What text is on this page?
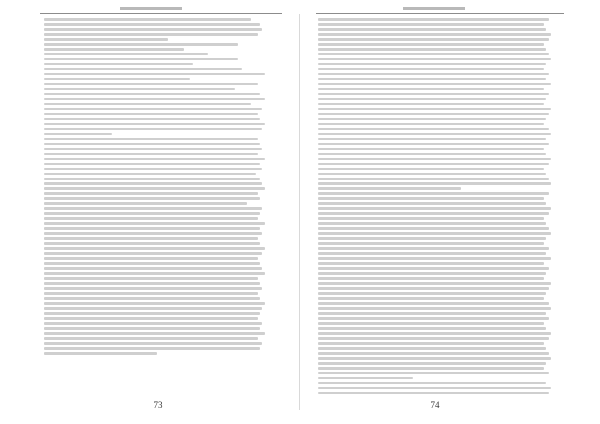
73	74
